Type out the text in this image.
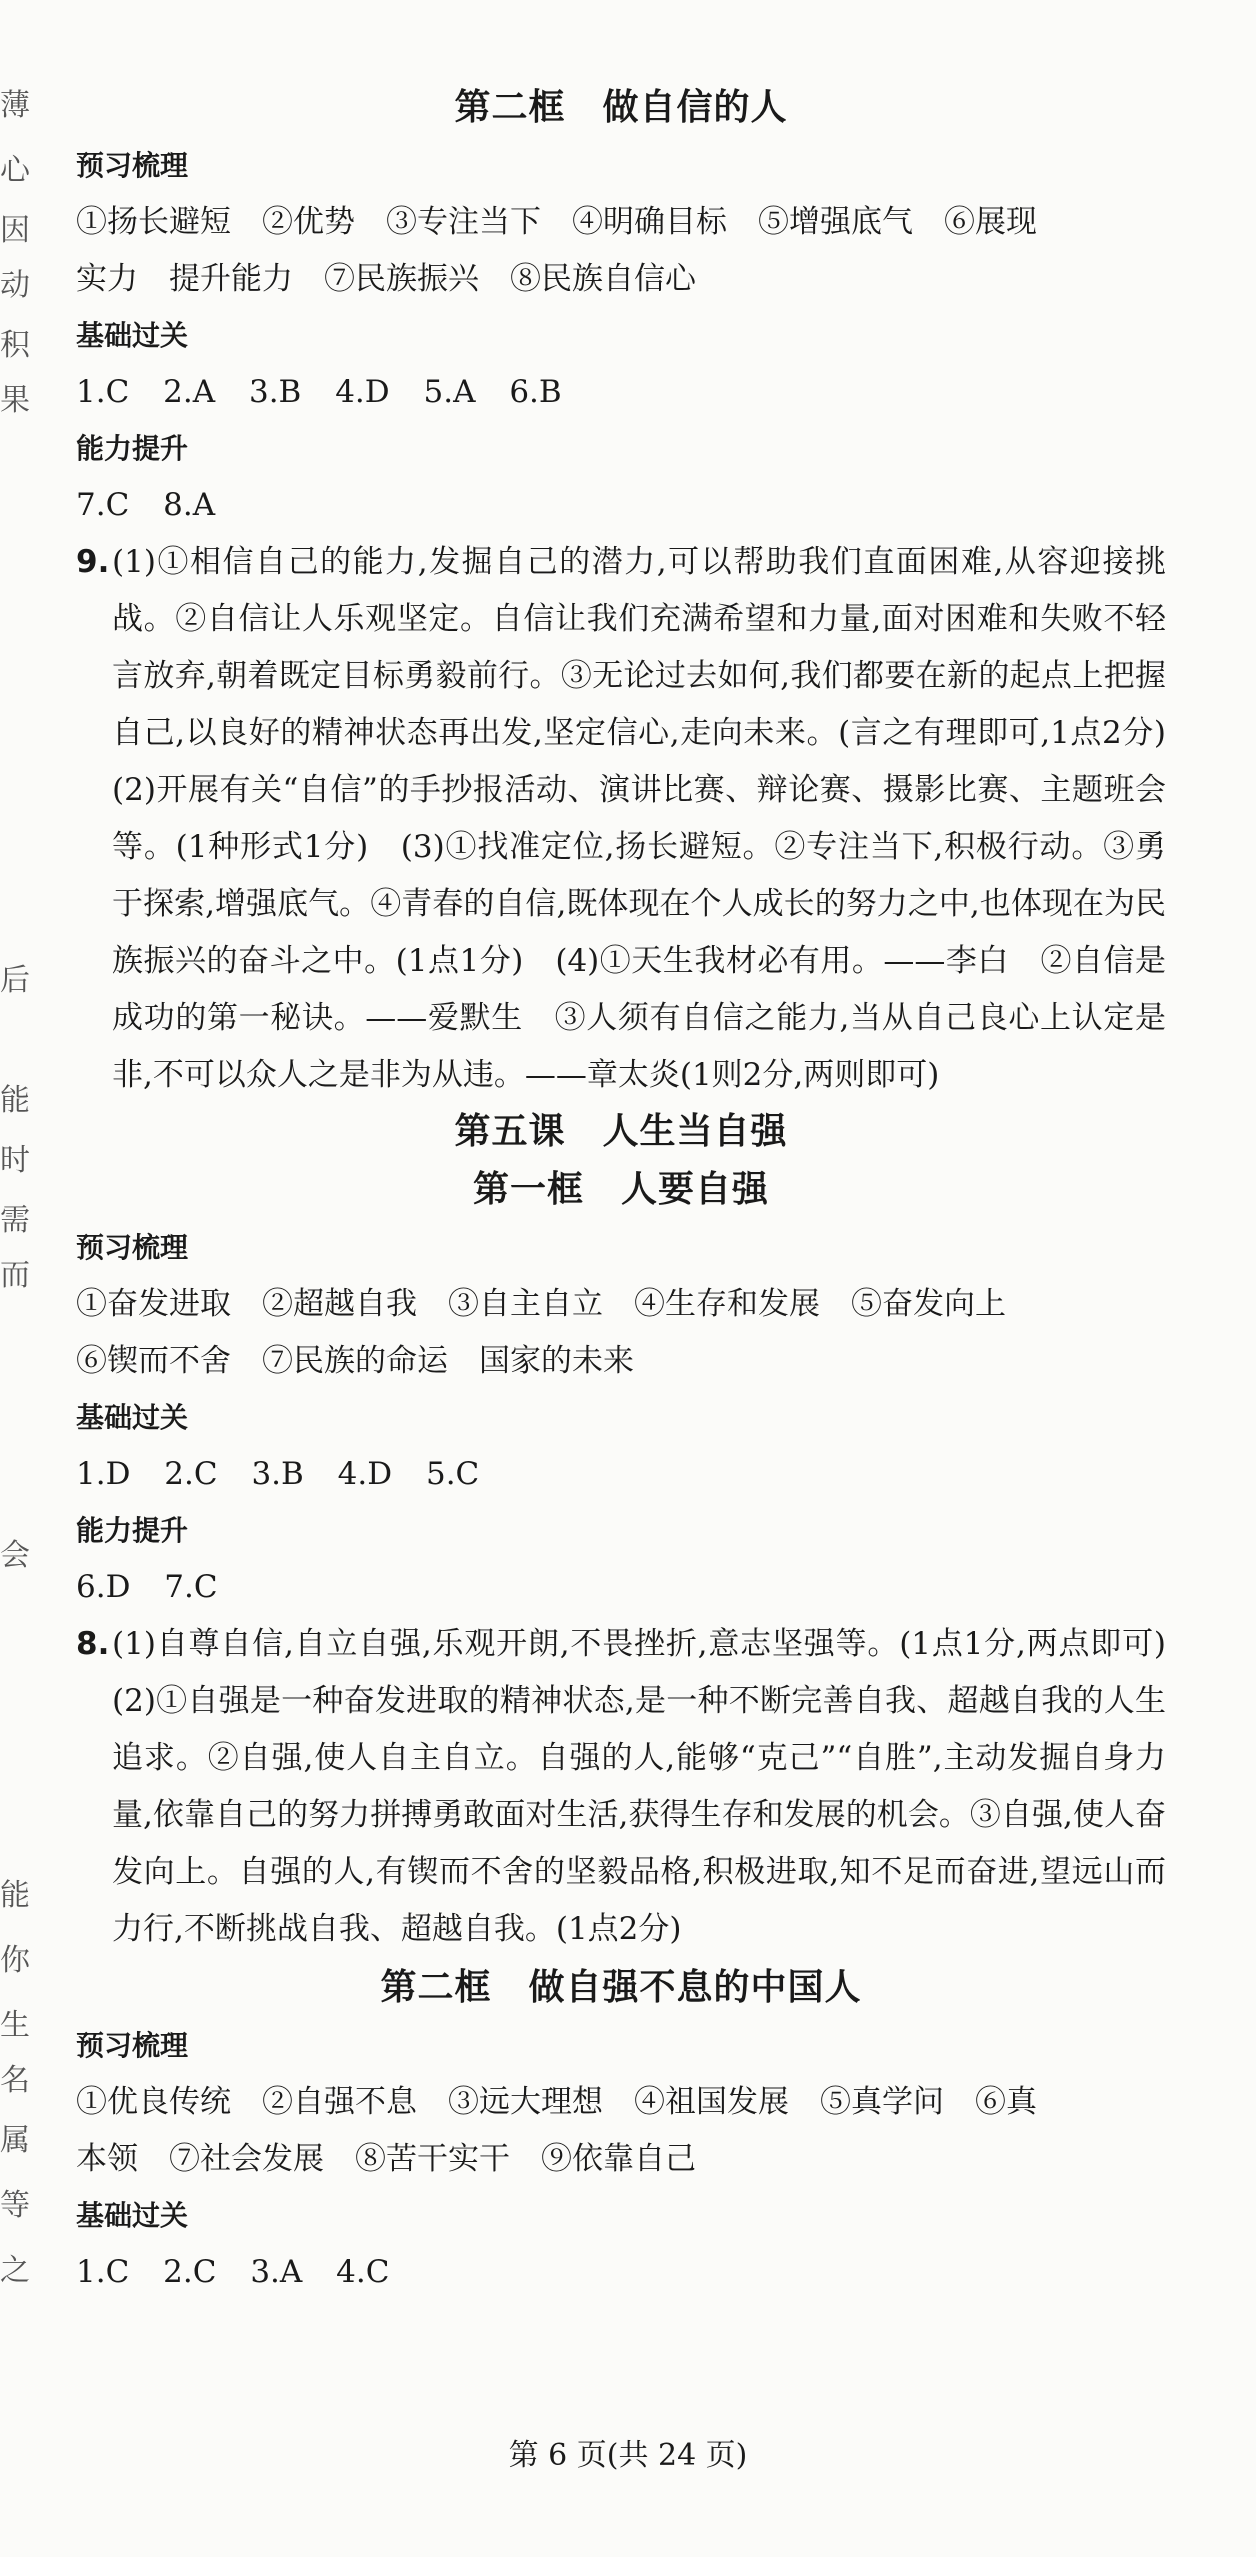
薄
心
因
动
积
果
后
能
时
需
而
会
能
你
生
名
属
等
之
第二框　做自信的人
预习梳理
①扬长避短　②优势　③专注当下　④明确目标　⑤增强底气　⑥展现
实力　提升能力　⑦民族振兴　⑧民族自信心
基础过关
1.C 2.A 3.B 4.D 5.A 6.B
能力提升
7.C 8.A
9. (1)①相信自己的能力,发掘自己的潜力,可以帮助我们直面困难,从容迎接挑战。②自信让人乐观坚定。自信让我们充满希望和力量,面对困难和失败不轻言放弃,朝着既定目标勇毅前行。③无论过去如何,我们都要在新的起点上把握自己,以良好的精神状态再出发,坚定信心,走向未来。(言之有理即可,1点2分)　(2)开展有关“自信”的手抄报活动、演讲比赛、辩论赛、摄影比赛、主题班会等。(1种形式1分)　(3)①找准定位,扬长避短。②专注当下,积极行动。③勇于探索,增强底气。④青春的自信,既体现在个人成长的努力之中,也体现在为民族振兴的奋斗之中。(1点1分)　(4)①天生我材必有用。——李白　②自信是成功的第一秘诀。——爱默生　③人须有自信之能力,当从自己良心上认定是非,不可以众人之是非为从违。——章太炎(1则2分,两则即可)
第五课　人生当自强
第一框　人要自强
预习梳理
①奋发进取　②超越自我　③自主自立　④生存和发展　⑤奋发向上
⑥锲而不舍　⑦民族的命运　国家的未来
基础过关
1.D 2.C 3.B 4.D 5.C
能力提升
6.D 7.C
8. (1)自尊自信,自立自强,乐观开朗,不畏挫折,意志坚强等。(1点1分,两点即可)　(2)①自强是一种奋发进取的精神状态,是一种不断完善自我、超越自我的人生追求。②自强,使人自主自立。自强的人,能够“克己”“自胜”,主动发掘自身力量,依靠自己的努力拼搏勇敢面对生活,获得生存和发展的机会。③自强,使人奋发向上。自强的人,有锲而不舍的坚毅品格,积极进取,知不足而奋进,望远山而力行,不断挑战自我、超越自我。(1点2分)
第二框　做自强不息的中国人
预习梳理
①优良传统　②自强不息　③远大理想　④祖国发展　⑤真学问　⑥真
本领　⑦社会发展　⑧苦干实干　⑨依靠自己
基础过关
1.C 2.C 3.A 4.C
第 6 页(共 24 页)
